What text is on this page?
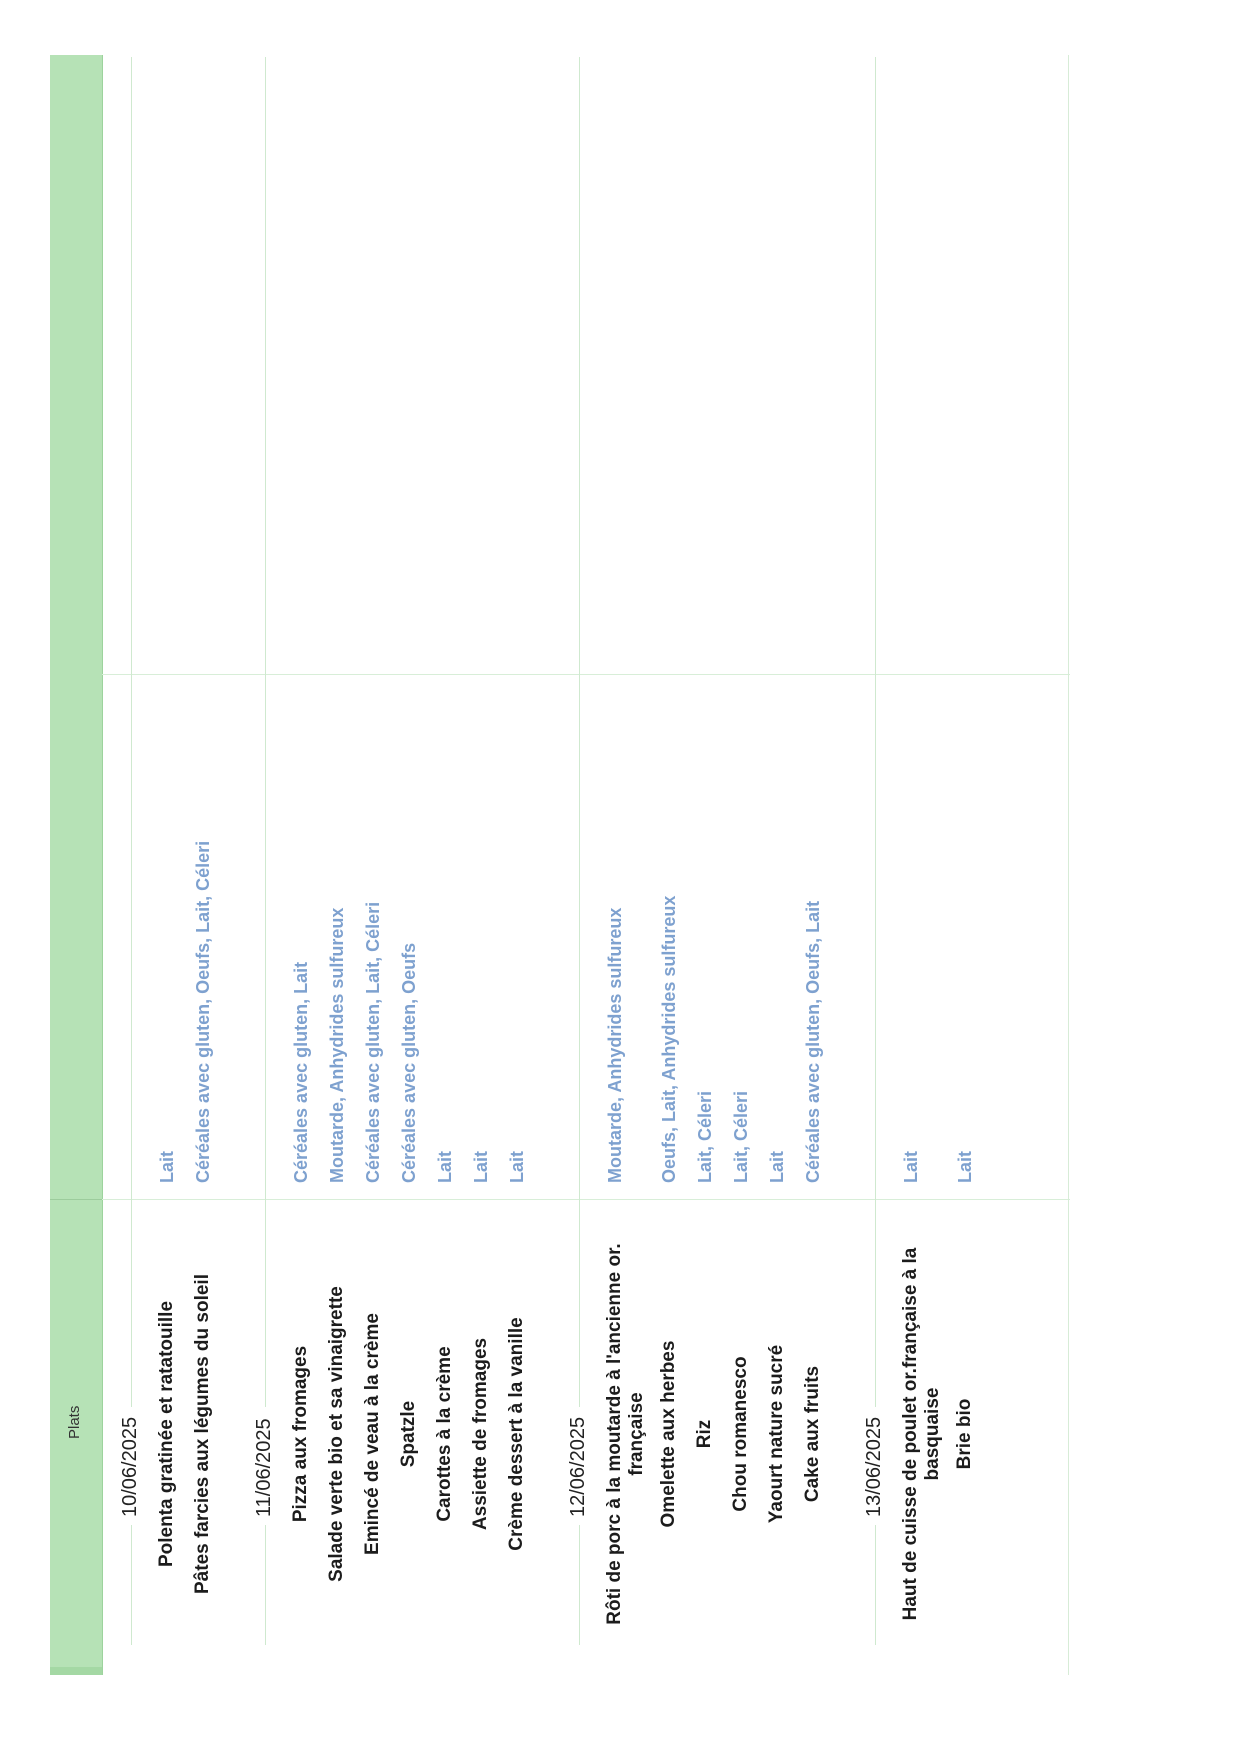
Plats 10/06/2025 Polenta gratinée et ratatouille
Lait
Pâtes farcies aux légumes du soleil
Céréales avec gluten, Oeufs, Lait, Céleri
11/06/2025 Pizza aux fromages
Céréales avec gluten, Lait
Salade verte bio et sa vinaigrette
Moutarde, Anhydrides sulfureux
Emincé de veau à la crème
Céréales avec gluten, Lait, Céleri
Spatzle
Céréales avec gluten, Oeufs
Carottes à la crème
Lait
Assiette de fromages
Lait
Crème dessert à la vanille
Lait
12/06/2025 Rôti de porc à la moutarde à l'ancienne or. française
Moutarde, Anhydrides sulfureux
Omelette aux herbes
Oeufs, Lait, Anhydrides sulfureux
Riz
Lait, Céleri
Chou romanesco
Lait, Céleri
Yaourt nature sucré
Lait
Cake aux fruits
Céréales avec gluten, Oeufs, Lait
13/06/2025 Haut de cuisse de poulet or.française à la basquaise
Lait
Brie bio
Lait
